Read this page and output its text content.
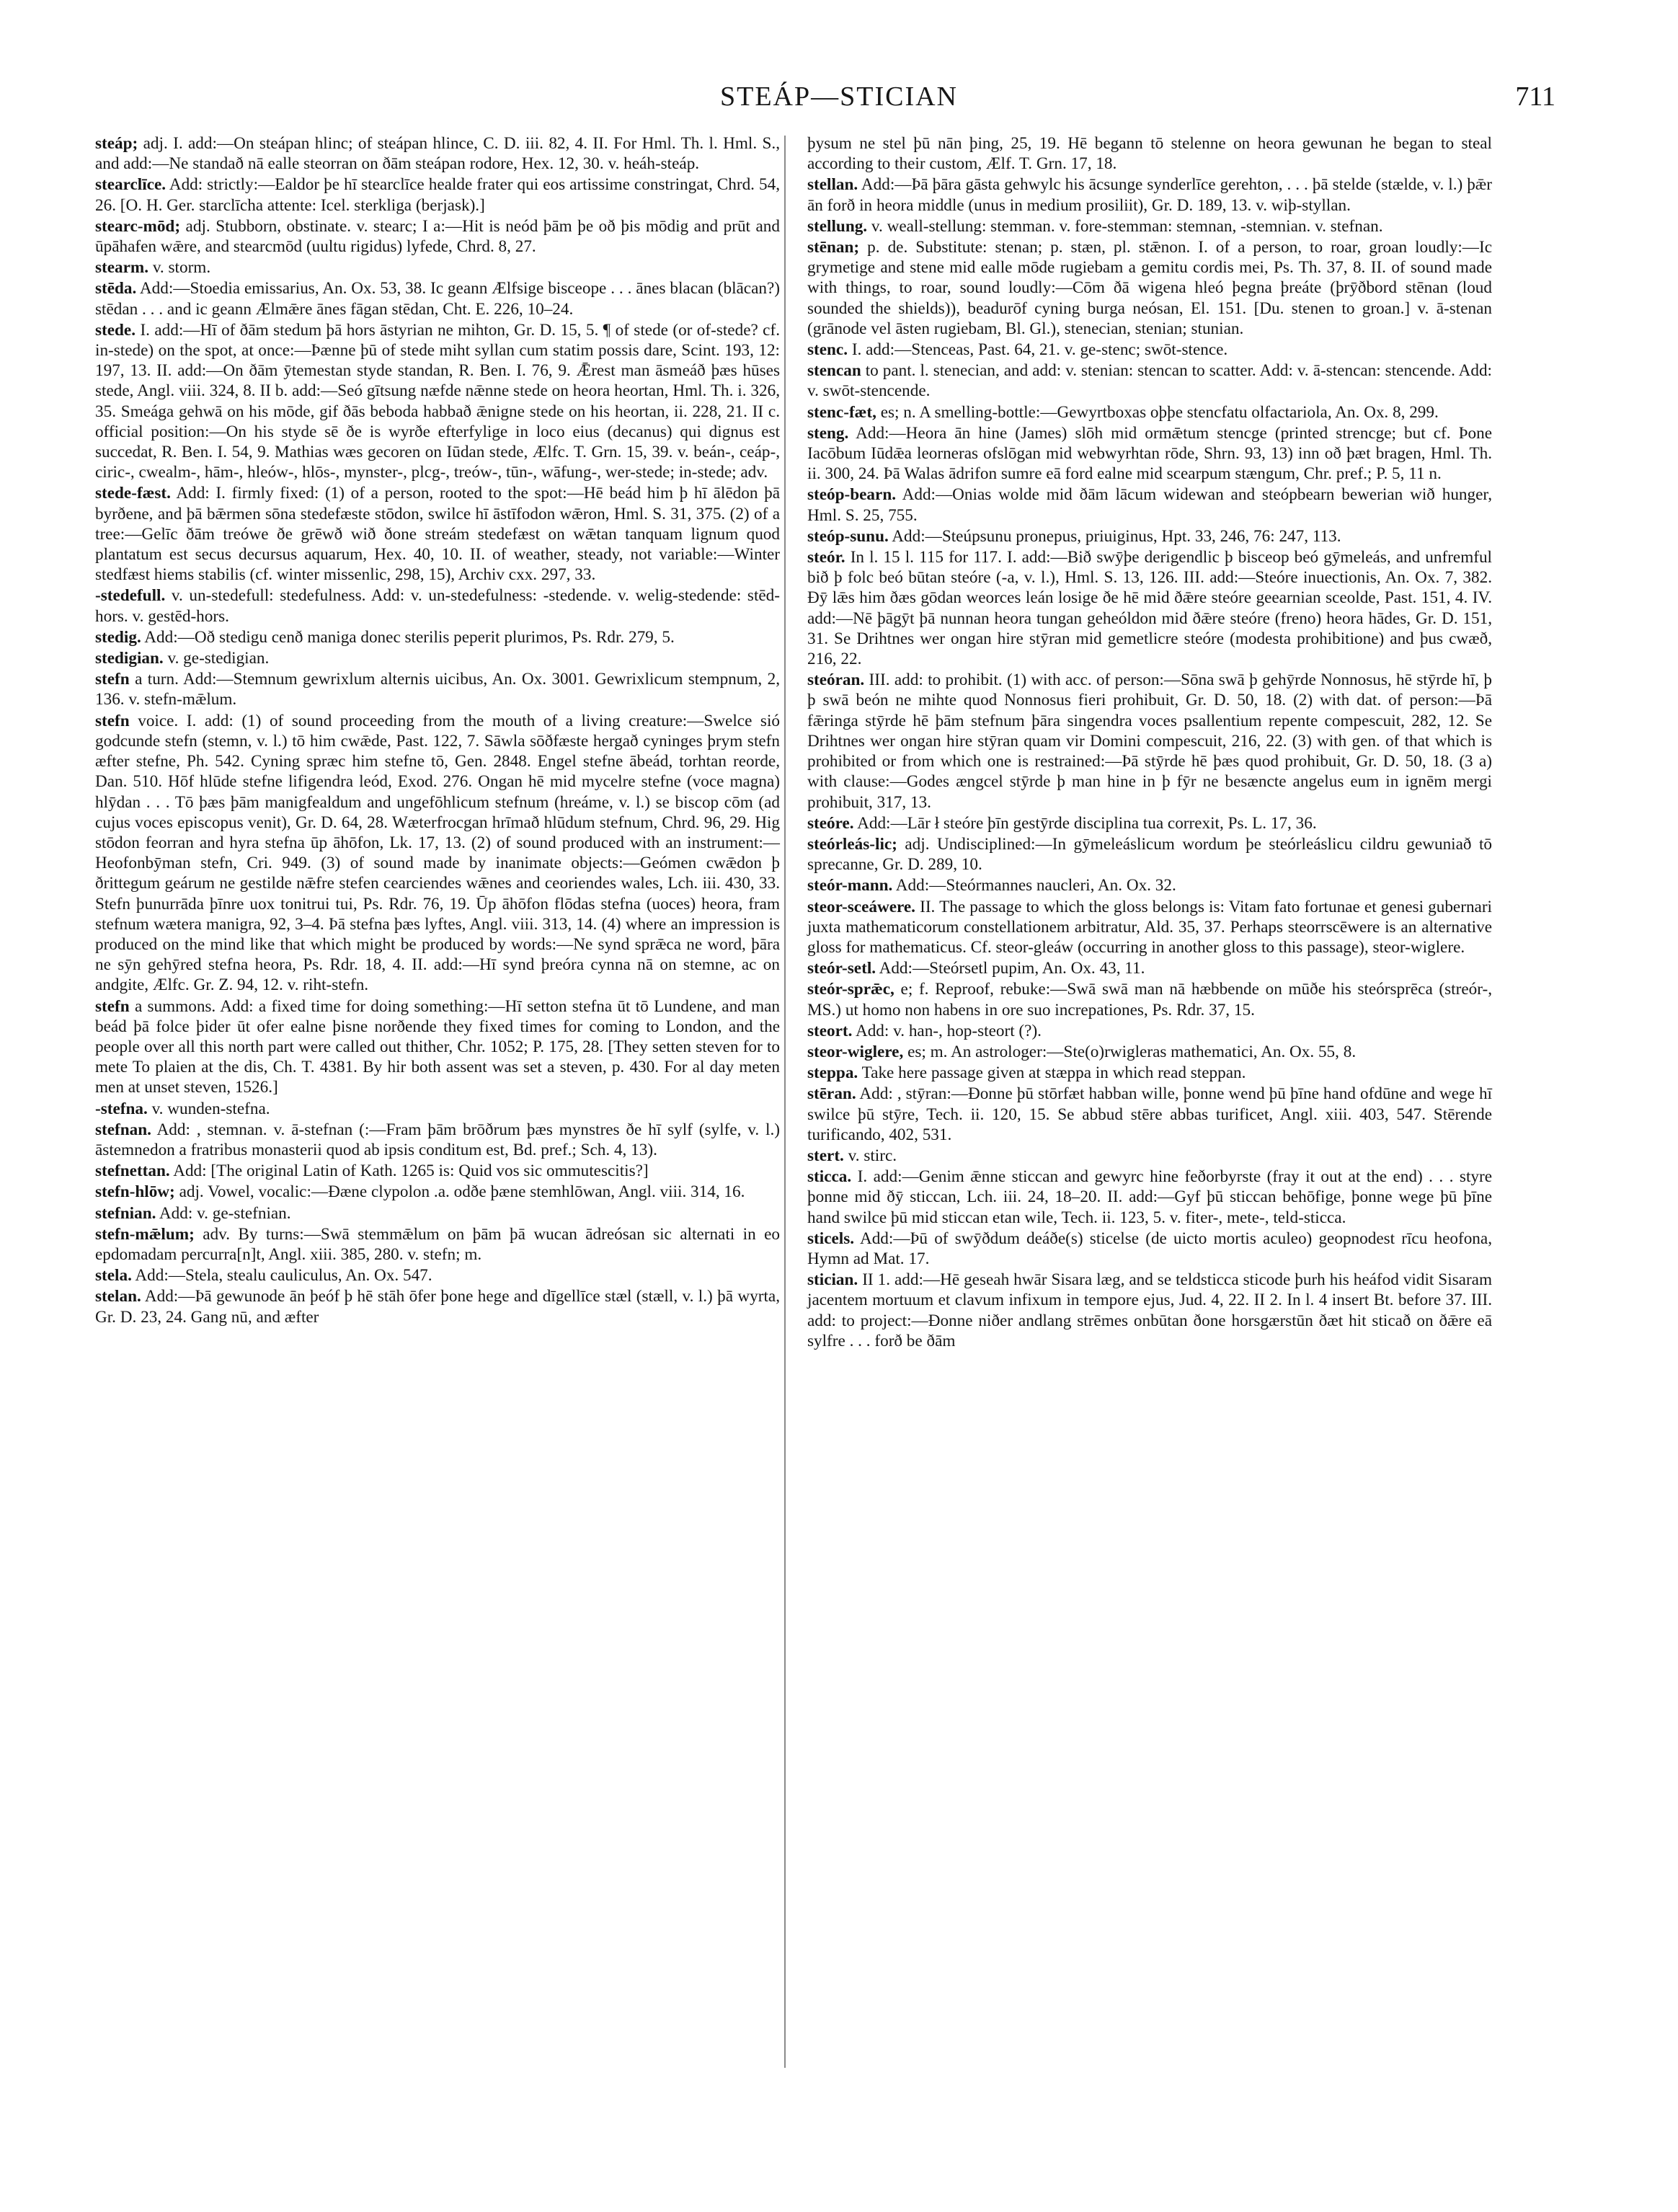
STEÁP—STICIAN	711

steáp; adj. I. add:—On steápan hlinc; of steápan hlince, C. D. iii. 82, 4. II. For Hml. Th. l. Hml. S., and add:—Ne standað nā ealle steorran on ðām steápan rodore, Hex. 12, 30. v. heáh-steáp.

stearclīce. Add: strictly:—Ealdor þe hī stearclīce healde frater qui eos artissime constringat, Chrd. 54, 26. [O. H. Ger. starclīcha attente: Icel. sterkliga (berjask).]

stearc-mōd; adj. Stubborn, obstinate. v. stearc; I a:—Hit is neód þām þe oð þis mōdig and prūt and ūpāhafen wǣre, and stearcmōd (uultu rigidus) lyfede, Chrd. 8, 27.

stearm. v. storm.

stēda. Add:—Stoedia emissarius, An. Ox. 53, 38. Ic geann Ælfsige bisceope . . . ānes blacan (blācan?) stēdan . . . and ic geann Ælmǣre ānes fāgan stēdan, Cht. E. 226, 10–24.

stede. I. add:—Hī of ðām stedum þā hors āstyrian ne mihton, Gr. D. 15, 5. ¶ of stede (or of-stede? cf. in-stede) on the spot, at once:—Þænne þū of stede miht syllan cum statim possis dare, Scint. 193, 12: 197, 13. II. add:—On ðām ȳtemestan styde standan, R. Ben. I. 76, 9. Ǣrest man āsmeáð þæs hūses stede, Angl. viii. 324, 8. II b. add:—Seó gītsung næfde nǣnne stede on heora heortan, Hml. Th. i. 326, 35. Smeága gehwā on his mōde, gif ðās beboda habbað ǣnigne stede on his heortan, ii. 228, 21. II c. official position:—On his styde sē ðe is wyrðe efterfylige in loco eius (decanus) qui dignus est succedat, R. Ben. I. 54, 9. Mathias wæs gecoren on Iūdan stede, Ælfc. T. Grn. 15, 39. v. beán-, ceáp-, ciric-, cwealm-, hām-, hleów-, hlōs-, mynster-, plcg-, treów-, tūn-, wāfung-, wer-stede; in-stede; adv.

stede-fæst. Add: I. firmly fixed: (1) of a person, rooted to the spot:—Hē beád him þ hī ālēdon þā byrðene, and þā bǣrmen sōna stedefæste stōdon, swilce hī āstīfodon wǣron, Hml. S. 31, 375. (2) of a tree:—Gelīc ðām treówe ðe grēwð wið ðone streám stedefæst on wǣtan tanquam lignum quod plantatum est secus decursus aquarum, Hex. 40, 10. II. of weather, steady, not variable:—Winter stedfæst hiems stabilis (cf. winter missenlic, 298, 15), Archiv cxx. 297, 33.

-stedefull. v. un-stedefull: stedefulness. Add: v. un-stedefulness: -stedende. v. welig-stedende: stēd-hors. v. gestēd-hors.

stedig. Add:—Oð stedigu cenð maniga donec sterilis peperit plurimos, Ps. Rdr. 279, 5.

stedigian. v. ge-stedigian.

stefn a turn. Add:—Stemnum gewrixlum alternis uicibus, An. Ox. 3001. Gewrixlicum stempnum, 2, 136. v. stefn-mǣlum.

stefn voice. I. add: (1) of sound proceeding from the mouth of a living creature:—Swelce sió godcunde stefn (stemn, v. l.) tō him cwǣde, Past. 122, 7. Sāwla sōðfæste hergað cyninges þrym stefn æfter stefne, Ph. 542. Cyning spræc him stefne tō, Gen. 2848. Engel stefne ābeád, torhtan reorde, Dan. 510. Hōf hlūde stefne lifigendra leód, Exod. 276. Ongan hē mid mycelre stefne (voce magna) hlȳdan . . . Tō þæs þām manigfealdum and ungefōhlicum stefnum (hreáme, v. l.) se biscop cōm (ad cujus voces episcopus venit), Gr. D. 64, 28. Wæterfrocgan hrīmað hlūdum stefnum, Chrd. 96, 29. Hig stōdon feorran and hyra stefna ūp āhōfon, Lk. 17, 13. (2) of sound produced with an instrument:—Heofonbȳman stefn, Cri. 949. (3) of sound made by inanimate objects:—Geómen cwǣdon þ ðrittegum geárum ne gestilde nǣfre stefen cearciendes wǣnes and ceoriendes wales, Lch. iii. 430, 33. Stefn þunurrāda þīnre uox tonitrui tui, Ps. Rdr. 76, 19. Ūp āhōfon flōdas stefna (uoces) heora, fram stefnum wætera manigra, 92, 3–4. Þā stefna þæs lyftes, Angl. viii. 313, 14. (4) where an impression is produced on the mind like that which might be produced by words:—Ne synd sprǣca ne word, þāra ne sȳn gehȳred stefna heora, Ps. Rdr. 18, 4. II. add:—Hī synd þreóra cynna nā on stemne, ac on andgite, Ælfc. Gr. Z. 94, 12. v. riht-stefn.

stefn a summons. Add: a fixed time for doing something:—Hī setton stefna ūt tō Lundene, and man beád þā folce þider ūt ofer ealne þisne norðende they fixed times for coming to London, and the people over all this north part were called out thither, Chr. 1052; P. 175, 28. [They setten steven for to mete To plaien at the dis, Ch. T. 4381. By hir both assent was set a steven, p. 430. For al day meten men at unset steven, 1526.]

-stefna. v. wunden-stefna.

stefnan. Add: , stemnan. v. ā-stefnan (:—Fram þām brōðrum þæs mynstres ðe hī sylf (sylfe, v. l.) āstemnedon a fratribus monasterii quod ab ipsis conditum est, Bd. pref.; Sch. 4, 13).

stefnettan. Add: [The original Latin of Kath. 1265 is: Quid vos sic ommutescitis?]

stefn-hlōw; adj. Vowel, vocalic:—Ðæne clypolon .a. odðe þæne stemhlōwan, Angl. viii. 314, 16.

stefnian. Add: v. ge-stefnian.

stefn-mǣlum; adv. By turns:—Swā stemmǣlum on þām þā wucan ādreósan sic alternati in eo epdomadam percurra[n]t, Angl. xiii. 385, 280. v. stefn; m.

stela. Add:—Stela, stealu cauliculus, An. Ox. 547.

stelan. Add:—Þā gewunode ān þeóf þ hē stāh ōfer þone hege and dīgellīce stæl (stæll, v. l.) þā wyrta, Gr. D. 23, 24. Gang nū, and æfter

þysum ne stel þū nān þing, 25, 19. Hē begann tō stelenne on heora gewunan he began to steal according to their custom, Ælf. T. Grn. 17, 18.

stellan. Add:—Þā þāra gāsta gehwylc his ācsunge synderlīce gerehton, . . . þā stelde (stælde, v. l.) þǣr ān forð in heora middle (unus in medium prosiliit), Gr. D. 189, 13. v. wiþ-styllan.

stellung. v. weall-stellung: stemman. v. fore-stemman: stemnan, -stemnian. v. stefnan.

stēnan; p. de. Substitute: stenan; p. stæn, pl. stǣnon. I. of a person, to roar, groan loudly:—Ic grymetige and stene mid ealle mōde rugiebam a gemitu cordis mei, Ps. Th. 37, 8. II. of sound made with things, to roar, sound loudly:—Cōm ðā wigena hleó þegna þreáte (þrȳðbord stēnan (loud sounded the shields)), beadurōf cyning burga neósan, El. 151. [Du. stenen to groan.] v. ā-stenan (grānode vel āsten rugiebam, Bl. Gl.), stenecian, stenian; stunian.

stenc. I. add:—Stenceas, Past. 64, 21. v. ge-stenc; swōt-stence.

stencan to pant. l. stenecian, and add: v. stenian: stencan to scatter. Add: v. ā-stencan: stencende. Add: v. swōt-stencende.

stenc-fæt, es; n. A smelling-bottle:—Gewyrtboxas oþþe stencfatu olfactariola, An. Ox. 8, 299.

steng. Add:—Heora ān hine (James) slōh mid ormǣtum stencge (printed strencge; but cf. Þone Iacōbum Iūdǣa leorneras ofslōgan mid webwyrhtan rōde, Shrn. 93, 13) inn oð þæt bragen, Hml. Th. ii. 300, 24. Þā Walas ādrifon sumre eā ford ealne mid scearpum stængum, Chr. pref.; P. 5, 11 n.

steóp-bearn. Add:—Onias wolde mid ðām lācum widewan and steópbearn bewerian wið hunger, Hml. S. 25, 755.

steóp-sunu. Add:—Steúpsunu pronepus, priuiginus, Hpt. 33, 246, 76: 247, 113.

steór. In l. 15 l. 115 for 117. I. add:—Bið swȳþe derigendlic þ bisceop beó gȳmeleás, and unfremful bið þ folc beó būtan steóre (-a, v. l.), Hml. S. 13, 126. III. add:—Steóre inuectionis, An. Ox. 7, 382. Ðȳ lǣs him ðæs gōdan weorces leán losige ðe hē mid ðǣre steóre geearnian sceolde, Past. 151, 4. IV. add:—Nē þāgȳt þā nunnan heora tungan geheóldon mid ðǣre steóre (freno) heora hādes, Gr. D. 151, 31. Se Drihtnes wer ongan hire stȳran mid gemetlicre steóre (modesta prohibitione) and þus cwæð, 216, 22.

steóran. III. add: to prohibit. (1) with acc. of person:—Sōna swā þ gehȳrde Nonnosus, hē stȳrde hī, þ þ swā beón ne mihte quod Nonnosus fieri prohibuit, Gr. D. 50, 18. (2) with dat. of person:—Þā fǣringa stȳrde hē þām stefnum þāra singendra voces psallentium repente compescuit, 282, 12. Se Drihtnes wer ongan hire stȳran quam vir Domini compescuit, 216, 22. (3) with gen. of that which is prohibited or from which one is restrained:—Þā stȳrde hē þæs quod prohibuit, Gr. D. 50, 18. (3 a) with clause:—Godes ængcel stȳrde þ man hine in þ fȳr ne besæncte angelus eum in ignēm mergi prohibuit, 317, 13.

steóre. Add:—Lār ł steóre þīn gestȳrde disciplina tua correxit, Ps. L. 17, 36.

steórleás-lic; adj. Undisciplined:—In gȳmeleáslicum wordum þe steórleáslicu cildru gewuniað tō sprecanne, Gr. D. 289, 10.

steór-mann. Add:—Steórmannes naucleri, An. Ox. 32.

steor-sceáwere. II. The passage to which the gloss belongs is: Vitam fato fortunae et genesi gubernari juxta mathematicorum constellationem arbitratur, Ald. 35, 37. Perhaps steorrscēwere is an alternative gloss for mathematicus. Cf. steor-gleáw (occurring in another gloss to this passage), steor-wiglere.

steór-setl. Add:—Steórsetl pupim, An. Ox. 43, 11.

steór-sprǣc, e; f. Reproof, rebuke:—Swā swā man nā hæbbende on mūðe his steórsprēca (streór-, MS.) ut homo non habens in ore suo increpationes, Ps. Rdr. 37, 15.

steort. Add: v. han-, hop-steort (?).

steor-wiglere, es; m. An astrologer:—Ste(o)rwigleras mathematici, An. Ox. 55, 8.

steppa. Take here passage given at stæppa in which read steppan.

stēran. Add: , stȳran:—Ðonne þū stōrfæt habban wille, þonne wend þū þīne hand ofdūne and wege hī swilce þū stȳre, Tech. ii. 120, 15. Se abbud stēre abbas turificet, Angl. xiii. 403, 547. Stērende turificando, 402, 531.

stert. v. stirc.

sticca. I. add:—Genim ǣnne sticcan and gewyrc hine feðorbyrste (fray it out at the end) . . . styre þonne mid ðȳ sticcan, Lch. iii. 24, 18–20. II. add:—Gyf þū sticcan behōfige, þonne wege þū þīne hand swilce þū mid sticcan etan wile, Tech. ii. 123, 5. v. fiter-, mete-, teld-sticca.

sticels. Add:—Þū of swȳðdum deáðe(s) sticelse (de uicto mortis aculeo) geopnodest rīcu heofona, Hymn ad Mat. 17.

stician. II 1. add:—Hē geseah hwār Sisara læg, and se teldsticca sticode þurh his heáfod vidit Sisaram jacentem mortuum et clavum infixum in tempore ejus, Jud. 4, 22. II 2. In l. 4 insert Bt. before 37. III. add: to project:—Ðonne niðer andlang strēmes onbūtan ðone horsgærstūn ðæt hit sticað on ðǣre eā sylfre . . . forð be ðām
